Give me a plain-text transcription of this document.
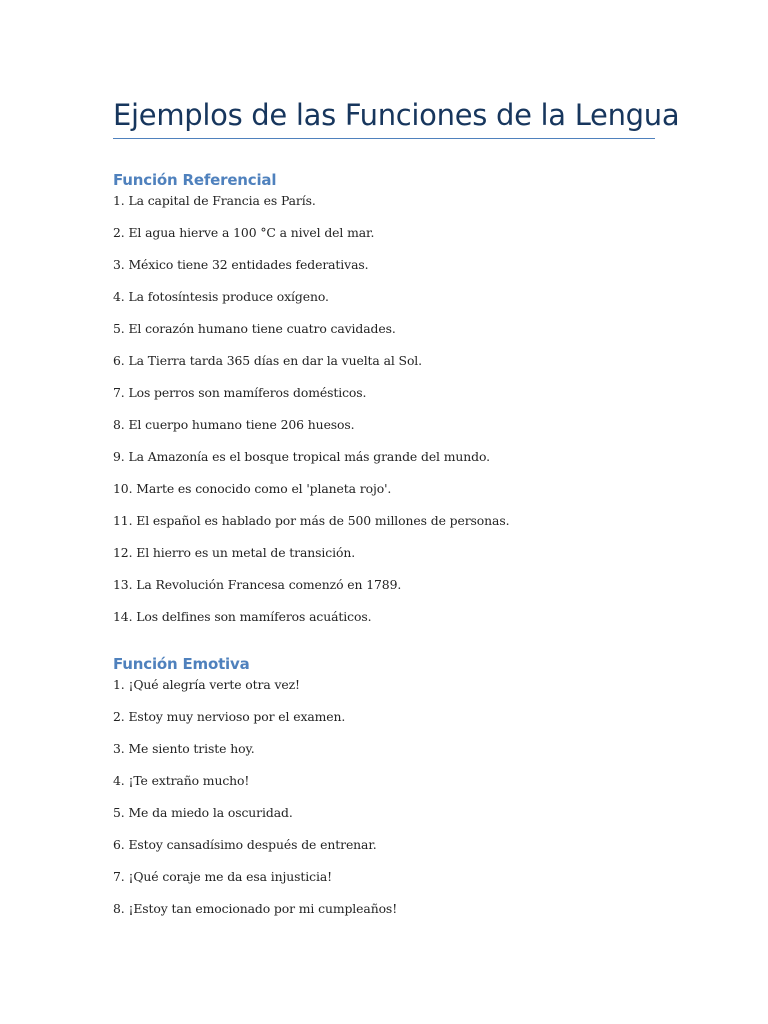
Ejemplos de las Funciones de la Lengua
Función Referencial
1. La capital de Francia es París.
2. El agua hierve a 100 °C a nivel del mar.
3. México tiene 32 entidades federativas.
4. La fotosíntesis produce oxígeno.
5. El corazón humano tiene cuatro cavidades.
6. La Tierra tarda 365 días en dar la vuelta al Sol.
7. Los perros son mamíferos domésticos.
8. El cuerpo humano tiene 206 huesos.
9. La Amazonía es el bosque tropical más grande del mundo.
10. Marte es conocido como el 'planeta rojo'.
11. El español es hablado por más de 500 millones de personas.
12. El hierro es un metal de transición.
13. La Revolución Francesa comenzó en 1789.
14. Los delfines son mamíferos acuáticos.
Función Emotiva
1. ¡Qué alegría verte otra vez!
2. Estoy muy nervioso por el examen.
3. Me siento triste hoy.
4. ¡Te extraño mucho!
5. Me da miedo la oscuridad.
6. Estoy cansadísimo después de entrenar.
7. ¡Qué coraje me da esa injusticia!
8. ¡Estoy tan emocionado por mi cumpleaños!
